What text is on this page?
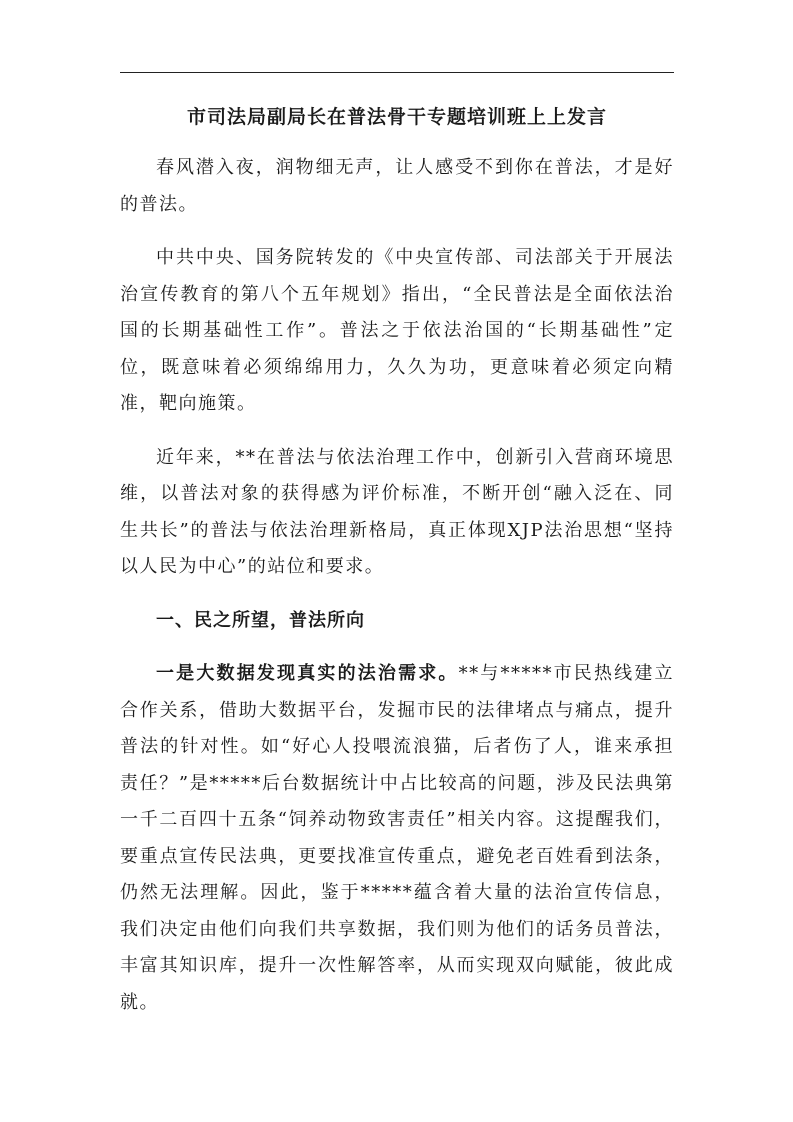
市司法局副局长在普法骨干专题培训班上上发言

春风潜入夜，润物细无声，让人感受不到你在普法，才是好的普法。

中共中央、国务院转发的《中央宣传部、司法部关于开展法治宣传教育的第八个五年规划》指出，“全民普法是全面依法治国的长期基础性工作”。普法之于依法治国的“长期基础性”定位，既意味着必须绵绵用力，久久为功，更意味着必须定向精准，靶向施策。

近年来，**在普法与依法治理工作中，创新引入营商环境思维，以普法对象的获得感为评价标准，不断开创“融入泛在、同生共长”的普法与依法治理新格局，真正体现XJP法治思想“坚持以人民为中心”的站位和要求。

一、民之所望，普法所向

一是大数据发现真实的法治需求。**与*****市民热线建立合作关系，借助大数据平台，发掘市民的法律堵点与痛点，提升普法的针对性。如“好心人投喂流浪猫，后者伤了人，谁来承担责任？”是*****后台数据统计中占比较高的问题，涉及民法典第一千二百四十五条“饲养动物致害责任”相关内容。这提醒我们，要重点宣传民法典，更要找准宣传重点，避免老百姓看到法条，仍然无法理解。因此，鉴于*****蕴含着大量的法治宣传信息，我们决定由他们向我们共享数据，我们则为他们的话务员普法，丰富其知识库，提升一次性解答率，从而实现双向赋能，彼此成就。
